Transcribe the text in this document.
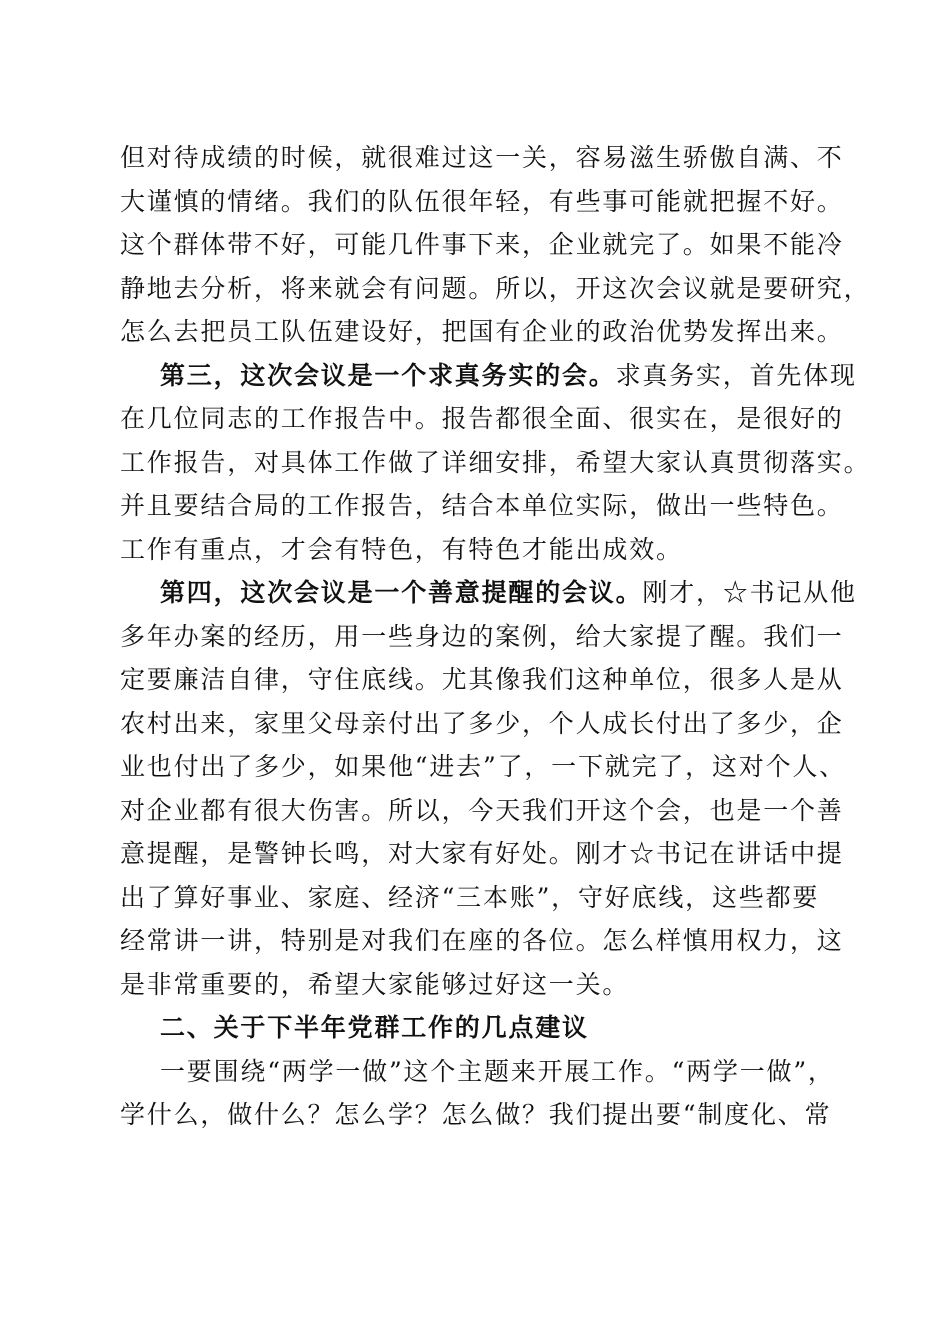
但对待成绩的时候，就很难过这一关，容易滋生骄傲自满、不
大谨慎的情绪。我们的队伍很年轻，有些事可能就把握不好。
这个群体带不好，可能几件事下来，企业就完了。如果不能冷
静地去分析，将来就会有问题。所以，开这次会议就是要研究，
怎么去把员工队伍建设好，把国有企业的政治优势发挥出来。
第三，这次会议是一个求真务实的会。求真务实，首先体现
在几位同志的工作报告中。报告都很全面、很实在，是很好的
工作报告，对具体工作做了详细安排，希望大家认真贯彻落实。
并且要结合局的工作报告，结合本单位实际，做出一些特色。
工作有重点，才会有特色，有特色才能出成效。
第四，这次会议是一个善意提醒的会议。刚才，☆书记从他
多年办案的经历，用一些身边的案例，给大家提了醒。我们一
定要廉洁自律，守住底线。尤其像我们这种单位，很多人是从
农村出来，家里父母亲付出了多少，个人成长付出了多少，企
业也付出了多少，如果他“进去”了，一下就完了，这对个人、
对企业都有很大伤害。所以，今天我们开这个会，也是一个善
意提醒，是警钟长鸣，对大家有好处。刚才☆书记在讲话中提
出了算好事业、家庭、经济“三本账”，守好底线，这些都要
经常讲一讲，特别是对我们在座的各位。怎么样慎用权力，这
是非常重要的，希望大家能够过好这一关。
二、关于下半年党群工作的几点建议
一要围绕“两学一做”这个主题来开展工作。“两学一做”，
学什么，做什么？怎么学？怎么做？我们提出要“制度化、常
